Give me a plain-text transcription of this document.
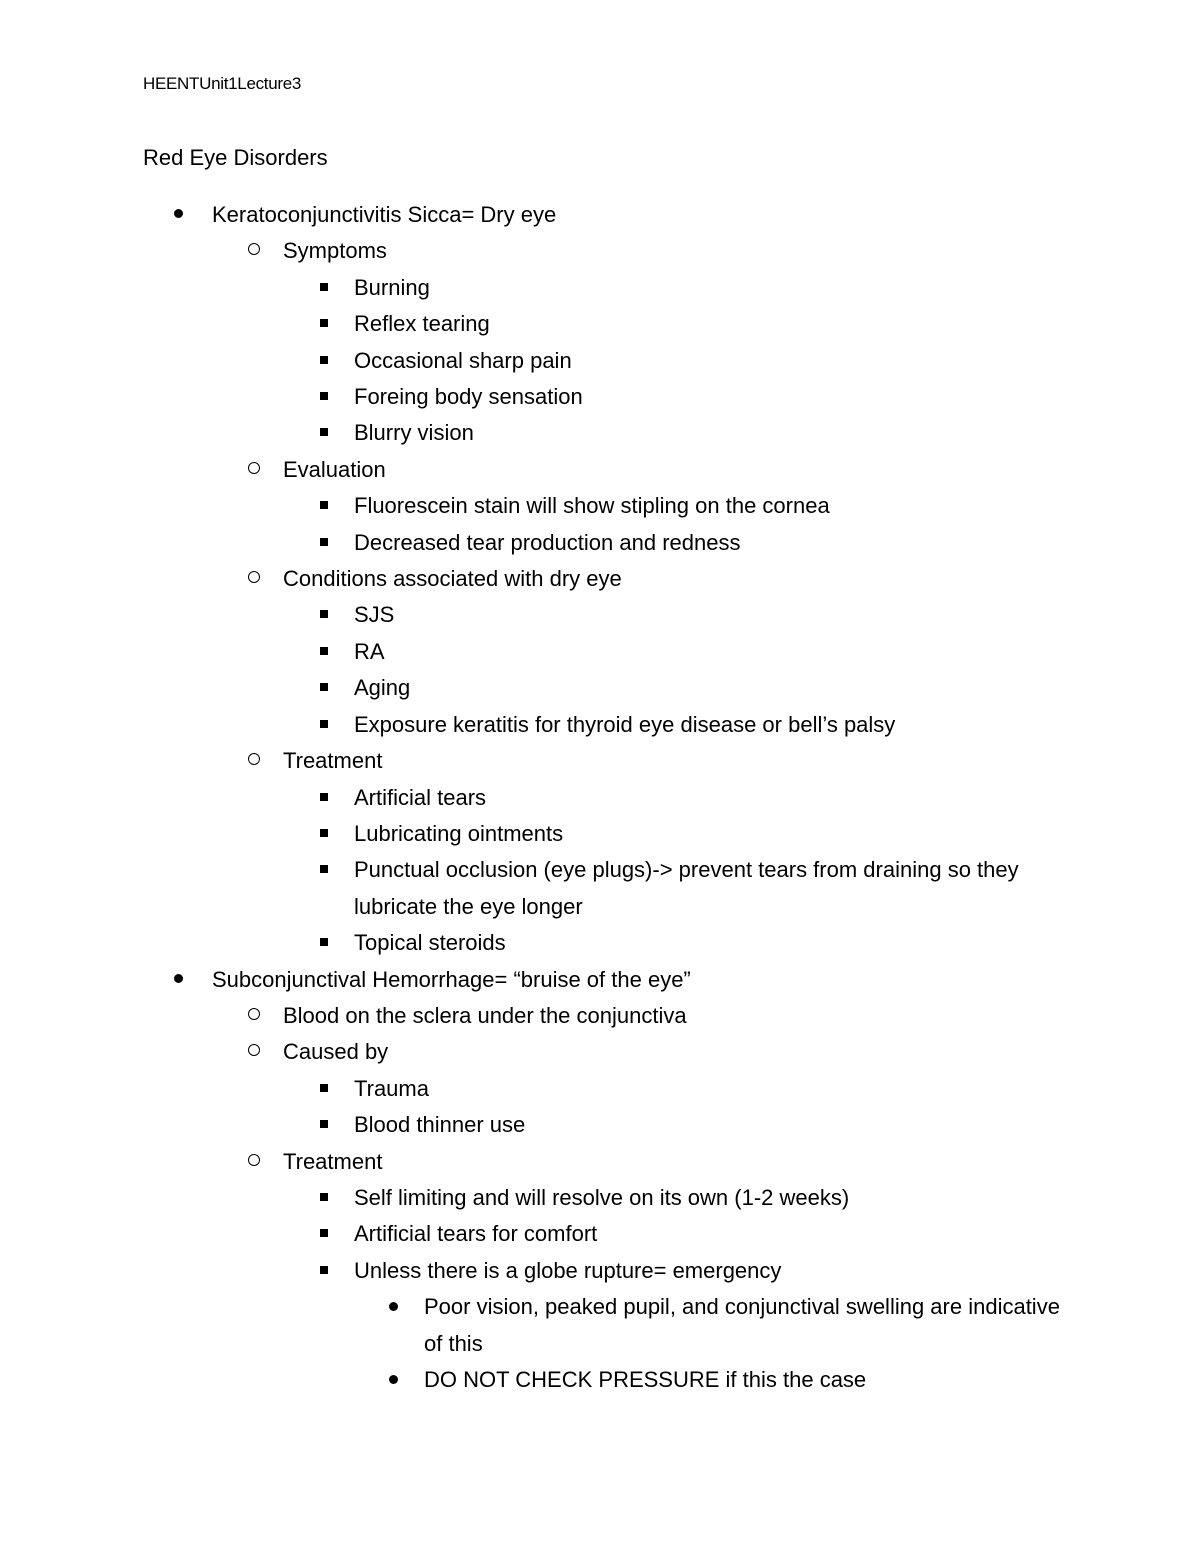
HEENTUnit1Lecture3
Red Eye Disorders
Keratoconjunctivitis Sicca= Dry eye
Symptoms
Burning
Reflex tearing
Occasional sharp pain
Foreing body sensation
Blurry vision
Evaluation
Fluorescein stain will show stipling on the cornea
Decreased tear production and redness
Conditions associated with dry eye
SJS
RA
Aging
Exposure keratitis for thyroid eye disease or bell’s palsy
Treatment
Artificial tears
Lubricating ointments
Punctual occlusion (eye plugs)-> prevent tears from draining so they lubricate the eye longer
Topical steroids
Subconjunctival Hemorrhage= “bruise of the eye”
Blood on the sclera under the conjunctiva
Caused by
Trauma
Blood thinner use
Treatment
Self limiting and will resolve on its own (1-2 weeks)
Artificial tears for comfort
Unless there is a globe rupture= emergency
Poor vision, peaked pupil, and conjunctival swelling are indicative of this
DO NOT CHECK PRESSURE if this the case
